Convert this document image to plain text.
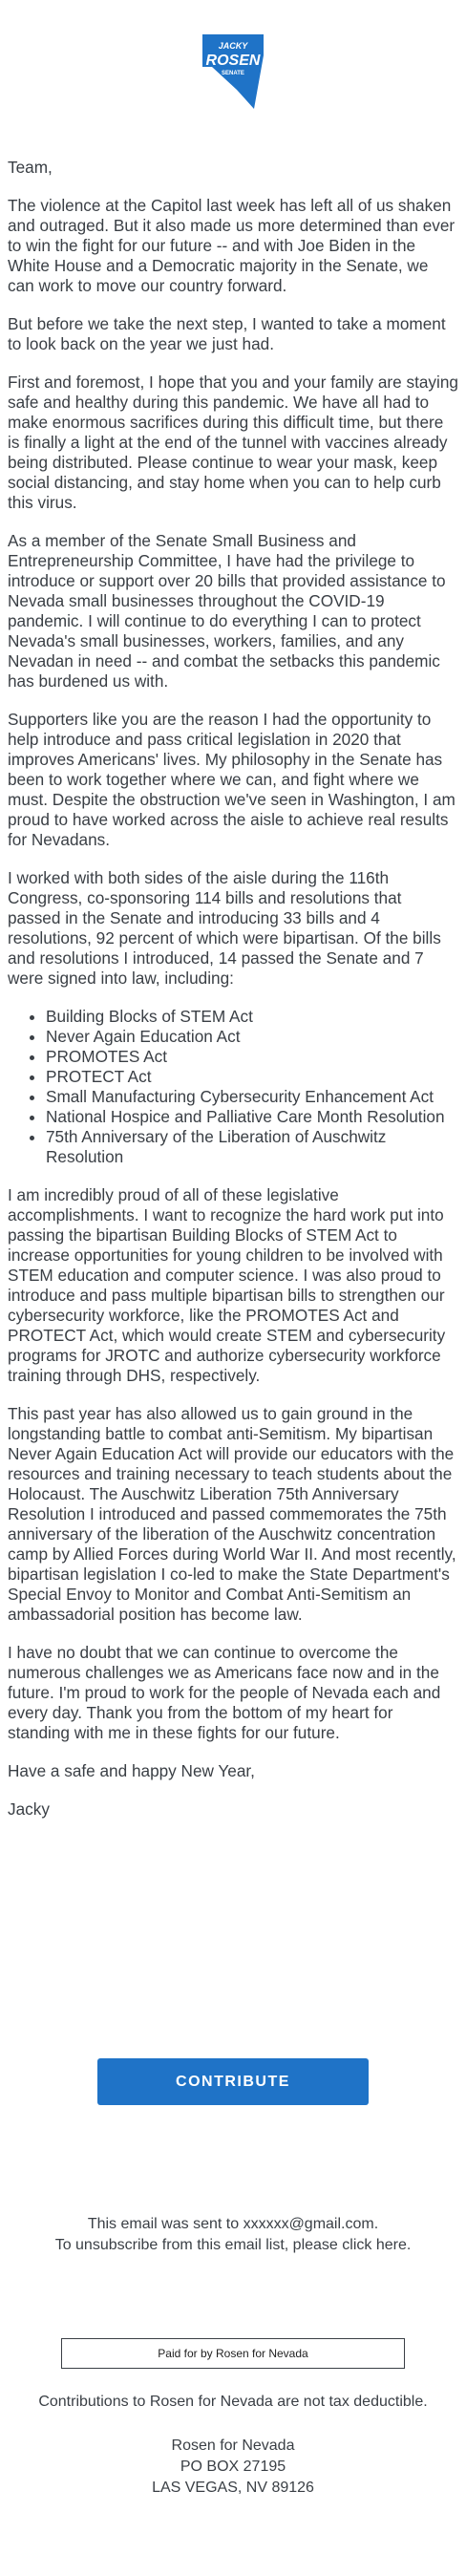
JACKY
ROSEN
SENATE

Team,

The violence at the Capitol last week has left all of us shaken and outraged. But it also made us more determined than ever to win the fight for our future -- and with Joe Biden in the White House and a Democratic majority in the Senate, we can work to move our country forward.

But before we take the next step, I wanted to take a moment to look back on the year we just had.

First and foremost, I hope that you and your family are staying safe and healthy during this pandemic. We have all had to make enormous sacrifices during this difficult time, but there is finally a light at the end of the tunnel with vaccines already being distributed. Please continue to wear your mask, keep social distancing, and stay home when you can to help curb this virus.

As a member of the Senate Small Business and Entrepreneurship Committee, I have had the privilege to introduce or support over 20 bills that provided assistance to Nevada small businesses throughout the COVID-19 pandemic. I will continue to do everything I can to protect Nevada's small businesses, workers, families, and any Nevadan in need -- and combat the setbacks this pandemic has burdened us with.

Supporters like you are the reason I had the opportunity to help introduce and pass critical legislation in 2020 that improves Americans' lives. My philosophy in the Senate has been to work together where we can, and fight where we must. Despite the obstruction we've seen in Washington, I am proud to have worked across the aisle to achieve real results for Nevadans.

I worked with both sides of the aisle during the 116th Congress, co-sponsoring 114 bills and resolutions that passed in the Senate and introducing 33 bills and 4 resolutions, 92 percent of which were bipartisan. Of the bills and resolutions I introduced, 14 passed the Senate and 7 were signed into law, including:

• Building Blocks of STEM Act
• Never Again Education Act
• PROMOTES Act
• PROTECT Act
• Small Manufacturing Cybersecurity Enhancement Act
• National Hospice and Palliative Care Month Resolution
• 75th Anniversary of the Liberation of Auschwitz Resolution

I am incredibly proud of all of these legislative accomplishments. I want to recognize the hard work put into passing the bipartisan Building Blocks of STEM Act to increase opportunities for young children to be involved with STEM education and computer science. I was also proud to introduce and pass multiple bipartisan bills to strengthen our cybersecurity workforce, like the PROMOTES Act and PROTECT Act, which would create STEM and cybersecurity programs for JROTC and authorize cybersecurity workforce training through DHS, respectively.

This past year has also allowed us to gain ground in the longstanding battle to combat anti-Semitism. My bipartisan Never Again Education Act will provide our educators with the resources and training necessary to teach students about the Holocaust. The Auschwitz Liberation 75th Anniversary Resolution I introduced and passed commemorates the 75th anniversary of the liberation of the Auschwitz concentration camp by Allied Forces during World War II. And most recently, bipartisan legislation I co-led to make the State Department's Special Envoy to Monitor and Combat Anti-Semitism an ambassadorial position has become law.

I have no doubt that we can continue to overcome the numerous challenges we as Americans face now and in the future. I'm proud to work for the people of Nevada each and every day. Thank you from the bottom of my heart for standing with me in these fights for our future.

Have a safe and happy New Year,

Jacky

CONTRIBUTE
This email was sent to xxxxxx@gmail.com.
To unsubscribe from this email list, please click here.
Paid for by Rosen for Nevada
Contributions to Rosen for Nevada are not tax deductible.
Rosen for Nevada
PO BOX 27195
LAS VEGAS, NV 89126
